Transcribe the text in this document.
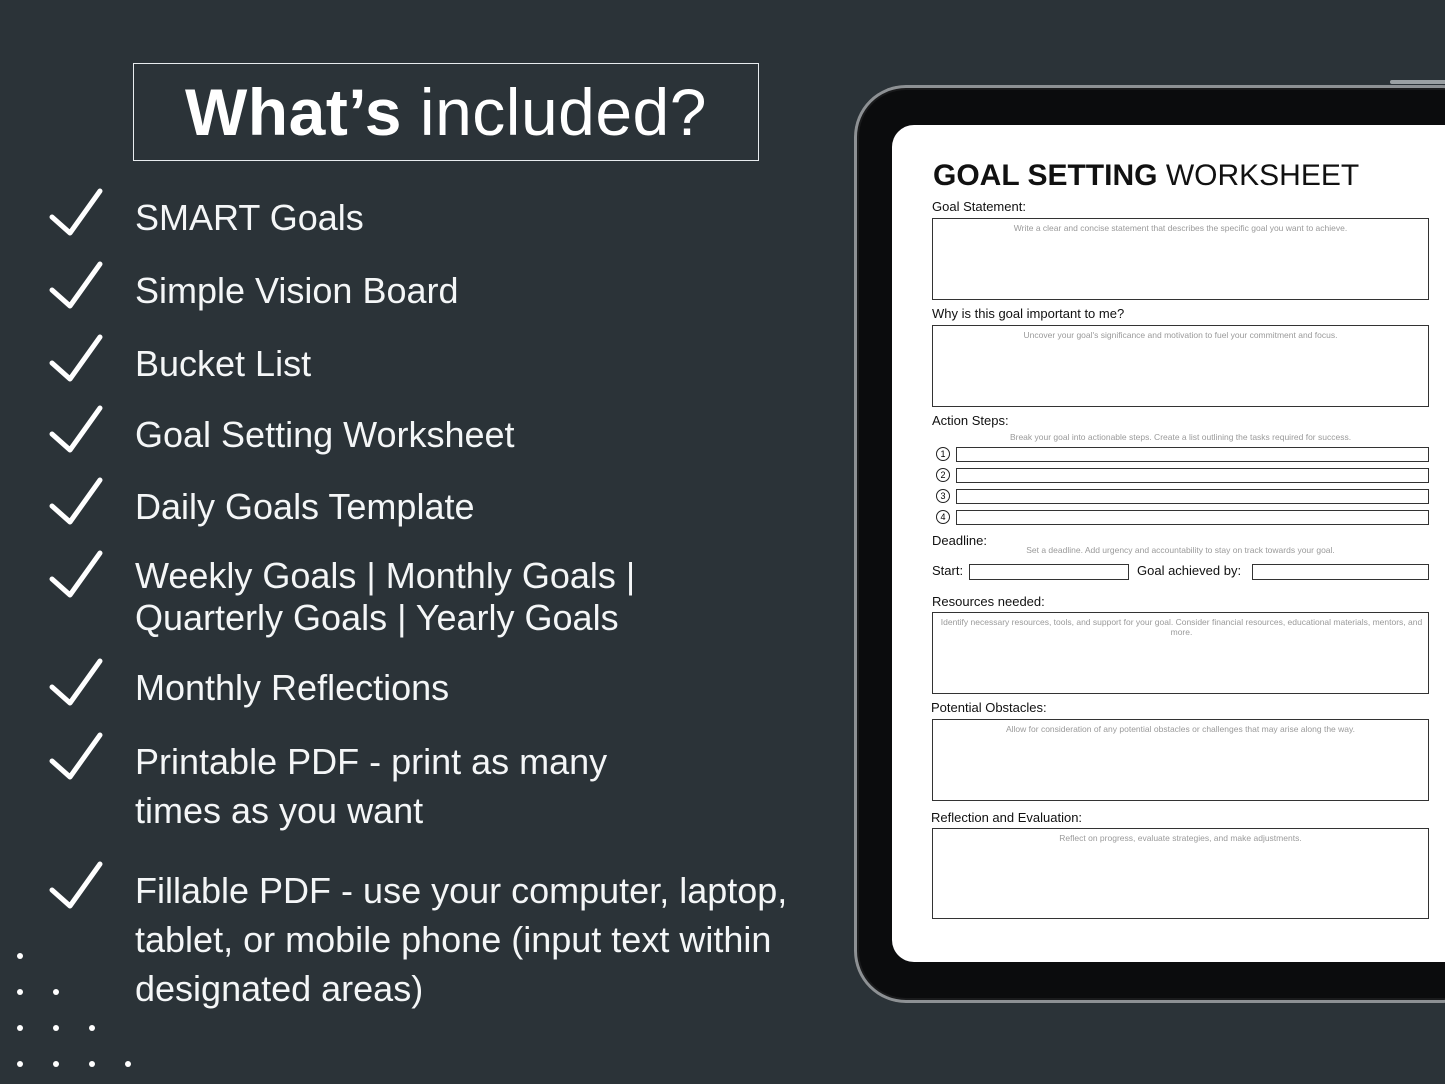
What’s included?
SMART Goals
Simple Vision Board
Bucket List
Goal Setting Worksheet
Daily Goals Template
Weekly Goals | Monthly Goals | Quarterly Goals | Yearly Goals
Monthly Reflections
Printable PDF - print as many times as you want
Fillable PDF - use your computer, laptop, tablet, or mobile phone (input text within designated areas)
GOAL SETTING WORKSHEET
Goal Statement:
Write a clear and concise statement that describes the specific goal you want to achieve.
Why is this goal important to me?
Uncover your goal's significance and motivation to fuel your commitment and focus.
Action Steps:
Break your goal into actionable steps. Create a list outlining the tasks required for success.
1
2
3
4
Deadline:
Set a deadline. Add urgency and accountability to stay on track towards your goal.
Start:	Goal achieved by:
Resources needed:
Identify necessary resources, tools, and support for your goal. Consider financial resources, educational materials, mentors, and more.
Potential Obstacles:
Allow for consideration of any potential obstacles or challenges that may arise along the way.
Reflection and Evaluation:
Reflect on progress, evaluate strategies, and make adjustments.
